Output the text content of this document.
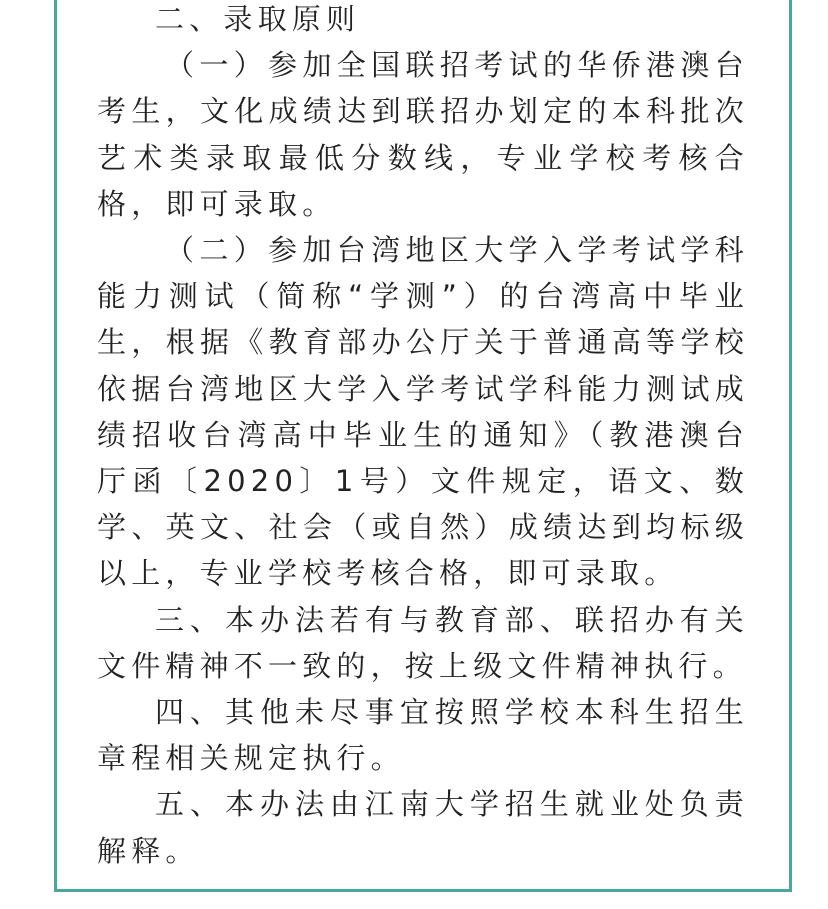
二、录取原则

（一）参加全国联招考试的华侨港澳台考生，文化成绩达到联招办划定的本科批次艺术类录取最低分数线，专业学校考核合格，即可录取。

（二）参加台湾地区大学入学考试学科能力测试（简称“学测”）的台湾高中毕业生，根据《教育部办公厅关于普通高等学校依据台湾地区大学入学考试学科能力测试成绩招收台湾高中毕业生的通知》（教港澳台厅函〔2020〕1号）文件规定，语文、数学、英文、社会（或自然）成绩达到均标级以上，专业学校考核合格，即可录取。

三、本办法若有与教育部、联招办有关文件精神不一致的，按上级文件精神执行。

四、其他未尽事宜按照学校本科生招生章程相关规定执行。

五、本办法由江南大学招生就业处负责解释。
